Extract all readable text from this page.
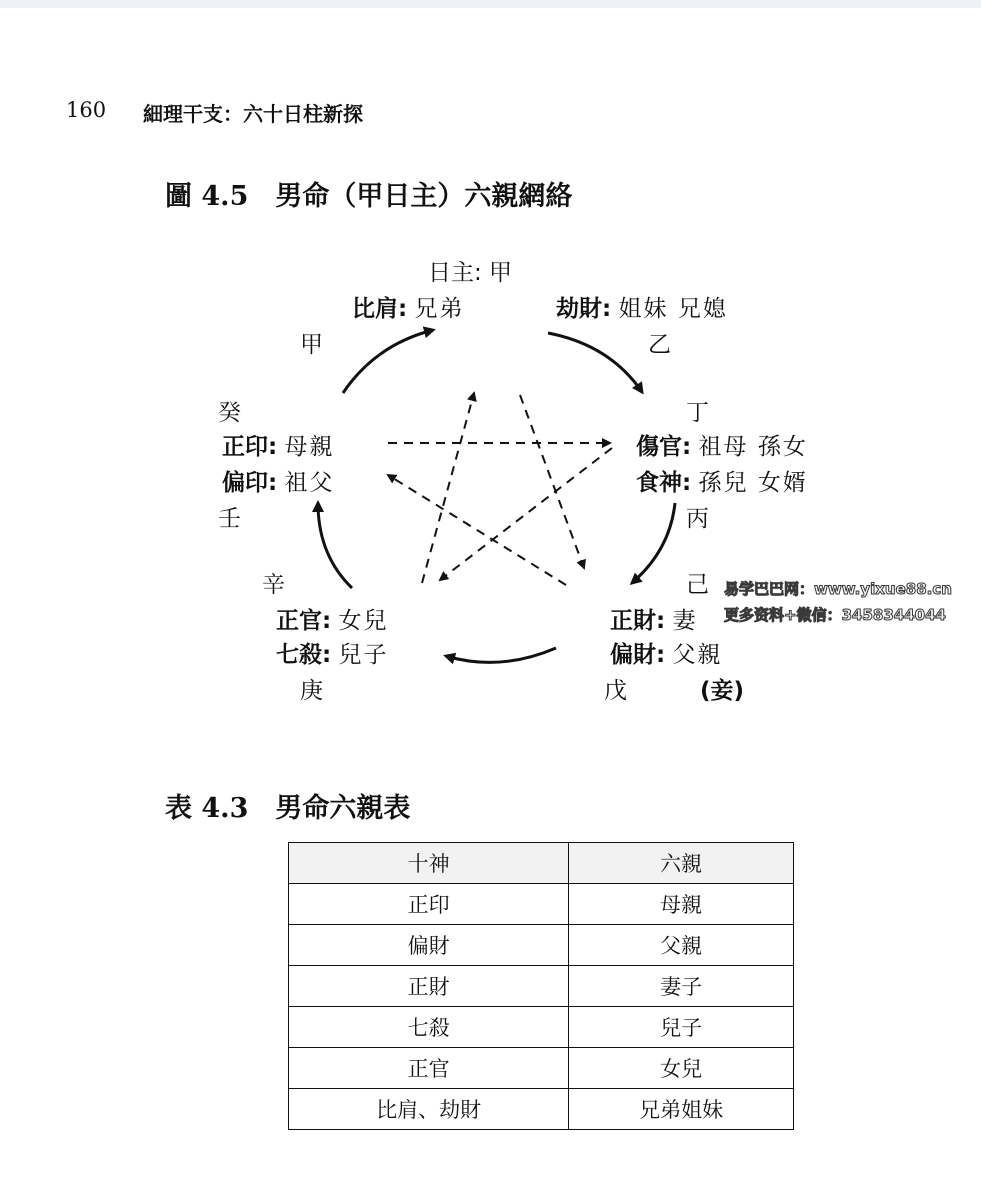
160 細理干支：六十日柱新探
圖 4.5　男命（甲日主）六親網絡
日主: 甲
比肩: 兄弟	劫財: 姐妹 兄媳
乙
甲
丁
傷官: 祖母 孫女
食神: 孫兒 女婿
丙
己
正財: 妻
偏財: 父親
戊	(妾)
辛
正官: 女兒
七殺: 兒子
庚
癸
正印: 母親
偏印: 祖父
壬
易学巴巴网：www.yixue88.cn
更多资料+微信：3458344044
表 4.3　男命六親表
十神	六親
正印	母親
偏財	父親
正財	妻子
七殺	兒子
正官	女兒
比肩、劫財	兄弟姐妹
